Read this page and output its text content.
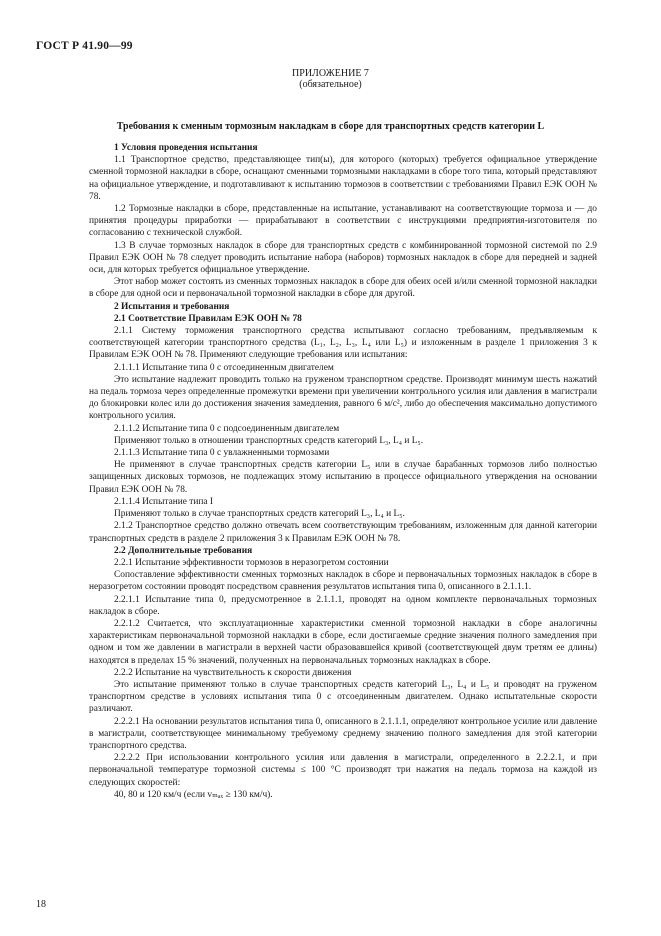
ГОСТ Р 41.90—99
ПРИЛОЖЕНИЕ 7
(обязательное)
Требования к сменным тормозным накладкам в сборе для транспортных средств категории L

1 Условия проведения испытания

1.1 Транспортное средство, представляющее тип(ы), для которого (которых) требуется официальное утверждение сменной тормозной накладки в сборе, оснащают сменными тормозными накладками в сборе того типа, который представляют на официальное утверждение, и подготавливают к испытанию тормозов в соответствии с требованиями Правил ЕЭК ООН № 78.

1.2 Тормозные накладки в сборе, представленные на испытание, устанавливают на соответствующие тормоза и — до принятия процедуры приработки — прирабатывают в соответствии с инструкциями предприятия-изготовителя по согласованию с технической службой.

1.3 В случае тормозных накладок в сборе для транспортных средств с комбинированной тормозной системой по 2.9 Правил ЕЭК ООН № 78 следует проводить испытание набора (наборов) тормозных накладок в сборе для передней и задней оси, для которых требуется официальное утверждение.

Этот набор может состоять из сменных тормозных накладок в сборе для обеих осей и/или сменной тормозной накладки в сборе для одной оси и первоначальной тормозной накладки в сборе для другой.

2 Испытания и требования

2.1 Соответствие Правилам ЕЭК ООН № 78

2.1.1 Систему торможения транспортного средства испытывают согласно требованиям, предъявляемым к соответствующей категории транспортного средства (L₁, L₂, L₃, L₄ или L₅) и изложенным в разделе 1 приложения 3 к Правилам ЕЭК ООН № 78. Применяют следующие требования или испытания:

2.1.1.1 Испытание типа 0 с отсоединенным двигателем

Это испытание надлежит проводить только на груженом транспортном средстве. Производят минимум шесть нажатий на педаль тормоза через определенные промежутки времени при увеличении контрольного усилия или давления в магистрали до блокировки колес или до достижения значения замедления, равного 6 м/с², либо до обеспечения максимально допустимого контрольного усилия.

2.1.1.2 Испытание типа 0 с подсоединенным двигателем

Применяют только в отношении транспортных средств категорий L₃, L₄ и L₅.

2.1.1.3 Испытание типа 0 с увлажненными тормозами

Не применяют в случае транспортных средств категории L₅ или в случае барабанных тормозов либо полностью защищенных дисковых тормозов, не подлежащих этому испытанию в процессе официального утверждения на основании Правил ЕЭК ООН № 78.

2.1.1.4 Испытание типа I

Применяют только в случае транспортных средств категорий L₃, L₄ и L₅.

2.1.2 Транспортное средство должно отвечать всем соответствующим требованиям, изложенным для данной категории транспортных средств в разделе 2 приложения 3 к Правилам ЕЭК ООН № 78.

2.2 Дополнительные требования

2.2.1 Испытание эффективности тормозов в неразогретом состоянии

Сопоставление эффективности сменных тормозных накладок в сборе и первоначальных тормозных накладок в сборе в неразогретом состоянии проводят посредством сравнения результатов испытания типа 0, описанного в 2.1.1.1.

2.2.1.1 Испытание типа 0, предусмотренное в 2.1.1.1, проводят на одном комплекте первоначальных тормозных накладок в сборе.

2.2.1.2 Считается, что эксплуатационные характеристики сменной тормозной накладки в сборе аналогичны характеристикам первоначальной тормозной накладки в сборе, если достигаемые средние значения полного замедления при одном и том же давлении в магистрали в верхней части образовавшейся кривой (соответствующей двум третям ее длины) находятся в пределах 15 % значений, полученных на первоначальных тормозных накладках в сборе.

2.2.2 Испытание на чувствительность к скорости движения

Это испытание применяют только в случае транспортных средств категорий L₃, L₄ и L₅ и проводят на груженом транспортном средстве в условиях испытания типа 0 с отсоединенным двигателем. Однако испытательные скорости различают.

2.2.2.1 На основании результатов испытания типа 0, описанного в 2.1.1.1, определяют контрольное усилие или давление в магистрали, соответствующее минимальному требуемому среднему значению полного замедления для этой категории транспортного средства.

2.2.2.2 При использовании контрольного усилия или давления в магистрали, определенного в 2.2.2.1, и при первоначальной температуре тормозной системы ≤ 100 °С производят три нажатия на педаль тормоза на каждой из следующих скоростей:

40, 80 и 120 км/ч (если vₘₐₓ ≥ 130 км/ч).

18
